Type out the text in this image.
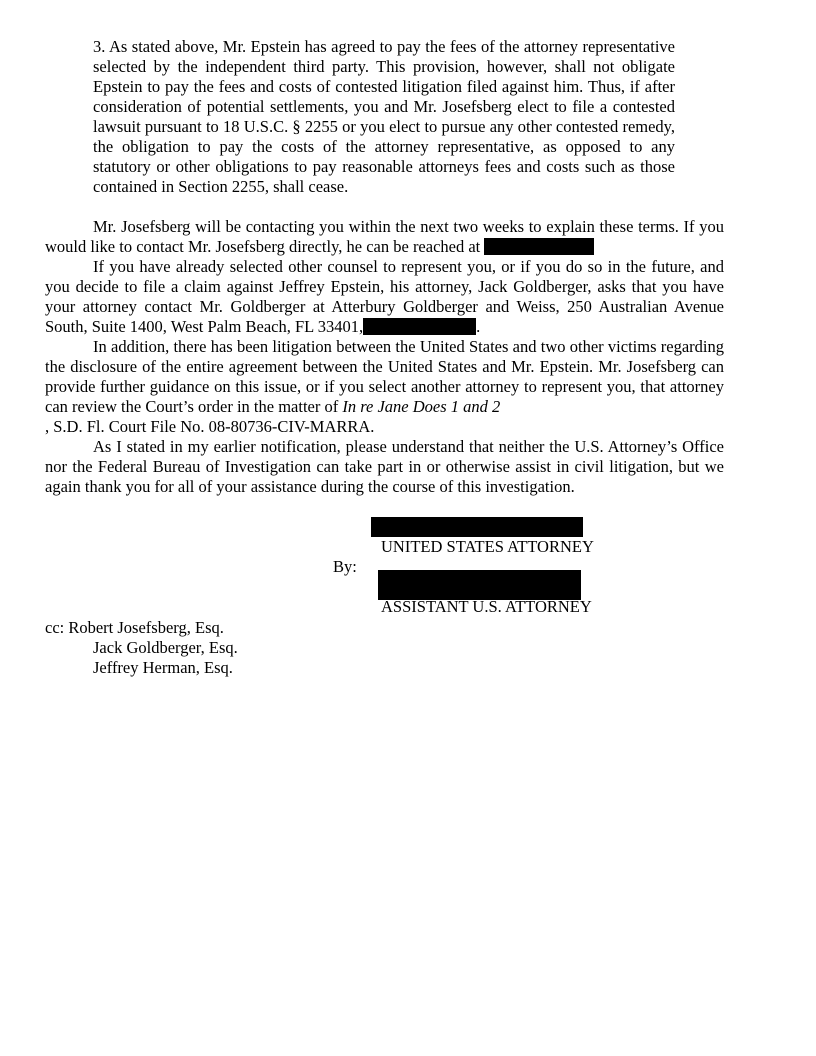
3. As stated above, Mr. Epstein has agreed to pay the fees of the attorney representative selected by the independent third party. This provision, however, shall not obligate Epstein to pay the fees and costs of contested litigation filed against him. Thus, if after consideration of potential settlements, you and Mr. Josefsberg elect to file a contested lawsuit pursuant to 18 U.S.C. § 2255 or you elect to pursue any other contested remedy, the obligation to pay the costs of the attorney representative, as opposed to any statutory or other obligations to pay reasonable attorneys fees and costs such as those contained in Section 2255, shall cease.

Mr. Josefsberg will be contacting you within the next two weeks to explain these terms. If you would like to contact Mr. Josefsberg directly, he can be reached at

If you have already selected other counsel to represent you, or if you do so in the future, and you decide to file a claim against Jeffrey Epstein, his attorney, Jack Goldberger, asks that you have your attorney contact Mr. Goldberger at Atterbury Goldberger and Weiss, 250 Australian Avenue South, Suite 1400, West Palm Beach, FL 33401,	.

In addition, there has been litigation between the United States and two other victims regarding the disclosure of the entire agreement between the United States and Mr. Epstein. Mr. Josefsberg can provide further guidance on this issue, or if you select another attorney to represent you, that attorney can review the Court’s order in the matter of In re Jane Does 1 and 2
, S.D. Fl. Court File No. 08-80736-CIV-MARRA.

As I stated in my earlier notification, please understand that neither the U.S. Attorney’s Office nor the Federal Bureau of Investigation can take part in or otherwise assist in civil litigation, but we again thank you for all of your assistance during the course of this investigation.

UNITED STATES ATTORNEY

By:

ASSISTANT U.S. ATTORNEY

cc: Robert Josefsberg, Esq.

Jack Goldberger, Esq.

Jeffrey Herman, Esq.
